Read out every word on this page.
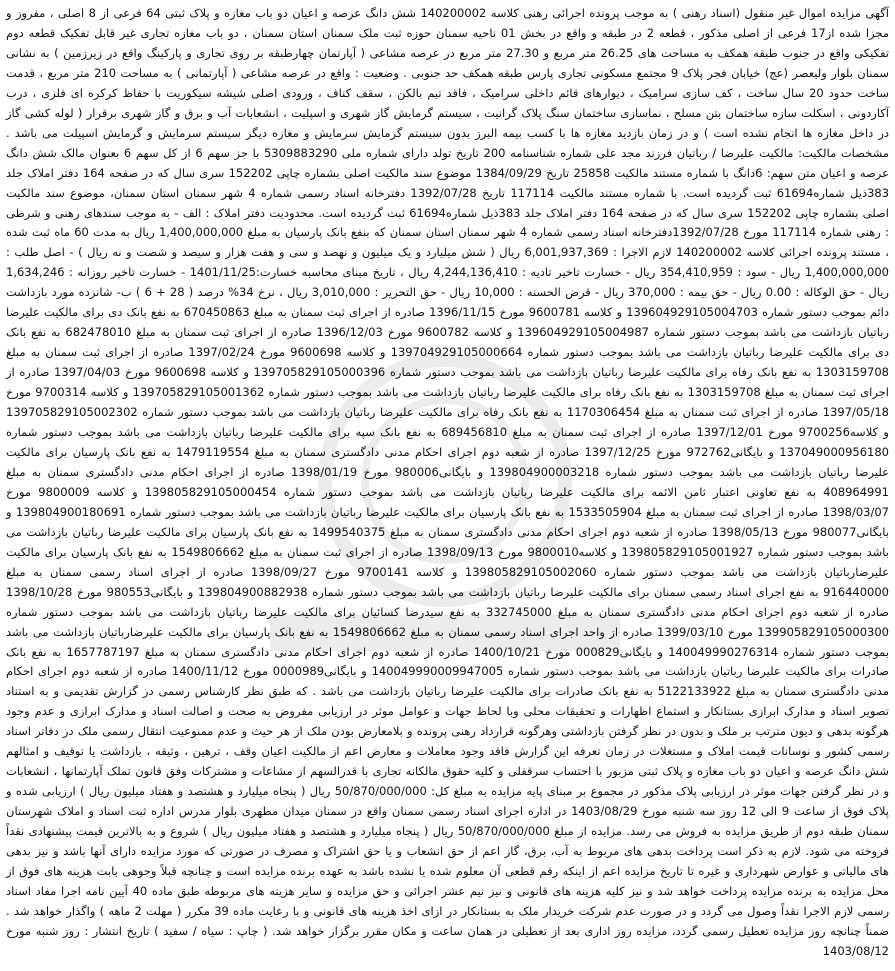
آگهی مزایده اموال غیر منقول (اسناد رهنی ) به موجب پرونده اجرائی رهنی کلاسه 140200002 شش دانگ عرصه و اعیان دو باب مغازه و پلاک ثبتی 64 فرعی از 8 اصلی ، مفروز و مجزا شده از17 فرعی از اصلی مذکور ، قطعه 2 در طبقه و واقع در بخش 01 ناحیه سمنان حوزه ثبت ملک سمنان استان سمنان ، دو باب مغازه تجاری غیر قابل تفکیک قطعه دوم تفکیکی واقع در جنوب طبقه همکف به مساحت های 26.25 متر مربع و 27.30 متر مربع در عرصه مشاعی ( آپارتمان چهارطبقه بر روی تجاری و پارکینگ واقع در زیرزمین ) به نشانی سمنان بلوار ولیعصر (عج) خیابان فجر پلاک 9 مجتمع مسکونی تجاری پارس طبقه همکف حد جنوبی . وضعیت : واقع در عرصه مشاعی ( آپارتمانی ) به مساحت 210 متر مربع ، قدمت ساخت حدود 20 سال ساخت ، کف سازی سرامیک ، دیوارهای قائم داخلی سرامیک ، فاقد تیم بالکن ، سقف کناف ، ورودی اصلی شیشه سیکوریت با حفاظ کرکره ای فلزی ، درب آکاردونی ، اسکلت سازه ساختمان بتن مسلح ، نماسازی ساختمان سنگ پلاک گرانیت ، سیستم گرمایش گاز شهری و اسپلیت ، انشعابات آب و برق و گاز شهری برقرار ( لوله کشی گاز در داخل مغازه ها انجام نشده است ) و در زمان بازدید مغازه ها با کسب بیمه البرز بدون سیستم گرمایش سرمایش و مغازه دیگر سیستم سرمایش و گرمایش اسپیلت می باشد . مشخصات مالکیت: مالکیت علیرضا / رباتیان فرزند مجد علی شماره شناسنامه 200 تاریخ تولد دارای شماره ملی 5309883290 با جز سهم 6 از کل سهم 6 بعنوان مالک شش دانگ عرصه و اعیان متن سهم: 6دانگ با شماره مستند مالکیت 25858 تاریخ 1384/09/29 موضوع سند مالکیت اصلی بشماره چاپی 152202 سری سال که در صفحه 164 دفتر املاک جلد 383ذیل شماره61694 ثبت گردیده است. با شماره مستند مالکیت 117114 تاریخ 1392/07/28 دفترخانه اسناد رسمی شماره 4 شهر سمنان استان سمنان، موضوع سند مالکیت اصلی بشماره چاپی 152202 سری سال که در صفحه 164 دفتر املاک جلد 383ذیل شماره61694 ثبت گردیده است. محدودیت دفتر املاک : الف - به موجب سندهای رهنی و شرطی : رهنی شماره 117114 مورخ 1392/07/28دفترخانه اسناد رسمی شماره 4 شهر سمنان استان سمنان که بنفع بانک پارسیان به مبلغ 1,400,000,000 ریال به مدت 60 ماه ثبت شده ، مستند پرونده اجرائی کلاسه 140200002 لازم الاجرا : 6,001,937,369 ریال ( شش میلیارد و یک میلیون و نهصد و سی و هفت هزار و سیصد و شصت و نه ریال ) - اصل طلب : 1,400,000,000 ریال - سود : 354,410,959 ریال - خسارت تاخیر تادیه : 4,244,136,410 ریال ، تاریخ مبنای محاسبه خسارت:1401/11/25 - خسارت تاخیر روزانه : 1,634,246 ریال - حق الوکاله : 0.00 ریال - حق بیمه : 370,000 ریال - قرض الحسنه : 10,000 ریال - حق التحریر : 3,010,000 ریال ، نرخ 34% درصد ( 28 + 6 ) ب- شانزده مورد بازداشت دائم بموجب دستور شماره 139604929105004703 و کلاسه 9600781 مورخ 1396/11/15 صادره از اجرای ثبت سمنان به مبلغ 670450863 به نفع بانک دی برای مالکیت علیرضا رباتیان بازداشت می باشد بموجب دستور شماره 139604929105004987 و کلاسه 9600782 مورخ 1396/12/03 صادره از اجرای ثبت سمنان به مبلغ 682478010 به نفع بانک دی برای مالکیت علیرضا رباتیان بازداشت می باشد بموجب دستور شماره 139704929105000664 و کلاسه 9600698 مورخ 1397/02/24 صادره از اجرای ثبت سمنان به مبلغ 1303159708 به نفع بانک رفاه برای مالکیت علیرضا رباتیان بازداشت می باشد بموجب دستور شماره 139705829105000396 و کلاسه 9600698 مورخ 1397/04/03 صادره از اجرای ثبت سمنان به مبلغ 1303159708 به نفع بانک رفاه برای مالکیت علیرضا رباتیان بازداشت می باشد بموجب دستور شماره 139705829105001362 و کلاسه 9700314 مورخ 1397/05/18 صادره از اجرای ثبت سمنان به مبلغ 1170306454 به نفع بانک رفاه برای مالکیت علیرضا رباتیان بازداشت می باشد بموجب دستور شماره 139705829105002302 و کلاسه9700256 مورخ 1397/12/01 صادره از اجرای ثبت سمنان به مبلغ 689456810 به نفع بانک سپه برای مالکیت علیرضا رباتیان بازداشت می باشد بموجب دستور شماره 137049000956180 و بایگانی972762 مورخ 1397/12/25 صادره از شعبه دوم اجرای احکام مدنی دادگستری سمنان به مبلغ 1479119554 به نفع بانک پارسیان برای مالکیت علیرضا رباتیان بازداشت می باشد بموجب دستور شماره 139804900003218 و بایگانی980006 مورخ 1398/01/19 صادره از اجرای احکام مدنی دادگستری سمنان به مبلغ 408964991 به نفع تعاونی اعتبار ثامن الائمه برای مالکیت علیرضا رباتیان بازداشت می باشد بموجب دستور شماره 139805829105000454 و کلاسه 9800009 مورخ 1398/03/07 صادره از اجرای ثبت سمنان به مبلغ 1533505904 به نفع بانک پارسیان برای مالکیت علیرضا رباتیان بازداشت می باشد بموجب دستور شماره 139804900180691 و بایگانی980077 مورخ 1398/05/13 صادره از شعبه دوم اجرای احکام مدنی دادگستری سمنان به مبلغ 1499540375 به نفع بانک پارسیان برای مالکیت علیرضا رباتیان بازداشت می باشد بموجب دستور شماره 139805829105001927 و کلاسه9800010 مورخ 1398/09/13 صادره از اجرای ثبت سمنان به مبلغ 1549806662 به نفع بانک پارسیان برای مالکیت علیرضارباتیان بازداشت می باشد بموجب دستور شماره 139805829105002060 و کلاسه 9700141 مورخ 1398/09/27 صادره از اجرای اسناد رسمی سمنان به مبلغ 916440000 به نفع اجرای اسناد رسمی سمنان برای مالکیت علیرضا رباتیان بازداشت می باشد بموجب دستور شماره 139804900882938 و بایگانی980553 مورخ 1398/10/28 صادره از شعبه دوم اجرای احکام مدنی دادگستری سمنان به مبلغ 332745000 به نفع سیدرضا کسائیان برای مالکیت علیرضا رباتیان بازداشت می باشد بموجب دستور شماره 139905829105000300 مورخ 1399/03/10 صادره از واحد اجرای اسناد رسمی سمنان به مبلغ 1549806662 به نفع بانک پارسیان برای مالکیت علیرضارباتیان بازداشت می باشد بموجب دستور شماره 140049990276314 و بایگانی000829 مورخ 1400/10/21 صادره از شعبه دوم اجرای احکام مدنی دادگستری سمنان به مبلغ 1657787197 به نفع بانک صادرات برای مالکیت علیرضا رباتیان بازداشت می باشد بموجب دستور شماره 140049990009947005 و بایگانی0000989 مورخ 1400/11/12 صادره از شعبه دوم اجرای احکام مدنی دادگستری سمنان به مبلغ 5122133922 به نفع بانک صادرات برای مالکیت علیرضا رباتیان بازداشت می باشد . که طبق نظر کارشناس رسمی در گزارش تقدیمی و به استناد تصویر اسناد و مدارک ابرازی بستانکار و استماع اظهارات و تحقیقات محلی وبا لحاظ جهات و عوامل موثر در ارزیابی مفروض به صحت و اصالت اسناد و مدارک ابرازی و عدم وجود هرگونه بدهی و دیون مترتب بر ملک و بدون در نظر گرفتن بازداشتی وهرگونه قرارداد رهنی پرونده و بلامعارض بودن ملک از هر حیث و عدم ممنوعیت انتقال رسمی ملک در دفاتر اسناد رسمی کشور و نوسانات قیمت املاک و مستغلات در زمان تعرفه این گزارش فاقد وجود معاملات و معارض اعم از مالکیت اعیان وقف ، ترهین ، وثیقه ، بازداشت یا توقیف و امثالهم شش دانگ عرصه و اعیان دو باب مغازه و پلاک ثبتی مزبور با احتساب سرقفلی و کلیه حقوق مالکانه تجاری با قدرالسهم از مشاعات و مشترکات وفق قانون تملک آپارتمانها ، انشعابات و در نظر گرفتن جهات موثر در ارزیابی پلاک مذکور در مجموع بر مبنای پایه مزایده به مبلغ کل: 50/870/000/000 ریال ( پنجاه میلیارد و هشتصد و هفتاد میلیون ریال ) ارزیابی شده و پلاک فوق از ساعت 9 الی 12 روز سه شنبه مورخ 1403/08/29 در اداره اجرای اسناد رسمی سمنان واقع در سمنان میدان مطهری بلوار مدرس اداره ثبت اسناد و املاک شهرستان سمنان طبقه دوم از طریق مزایده به فروش می رسد. مزایده از مبلغ 50/870/000/000 ریال ( پنجاه میلیارد و هشتصد و هفتاد میلیون ریال ) شروع و به بالاترین قیمت پیشنهادی نقداً فروخته می شود. لازم به ذکر است پرداخت بدهی های مربوط به آب، برق، گاز اعم از حق انشعاب و یا حق اشتراک و مصرف در صورتی که مورد مزایده دارای آنها باشد و نیز بدهی های مالیاتی و عوارض شهرداری و غیره تا تاریخ مزایده اعم از اینکه رقم قطعی آن معلوم شده یا نشده باشد به عهده برنده مزایده است و چنانچه قبلاً وجوهی بابت هزینه های فوق از محل مزایده به برنده مزایده پرداخت خواهد شد و نیز کلیه هزینه های قانونی و نیز نیم عشر اجرائی و حق مزایده و سایر هزینه های مربوطه طبق ماده 40 آیین نامه اجرا مفاد اسناد رسمی لازم الاجرا نقداً وصول می گردد و در صورت عدم شرکت خریدار ملک به بستانکار در ازای اخذ هزینه های قانونی و با رعایت ماده 39 مکرر ( مهلت 2 ماهه ) واگذار خواهد شد . ضمناً چنانچه روز مزایده تعطیل رسمی گردد، مزایده روز اداری بعد از تعطیلی در همان ساعت و مکان مقرر برگزار خواهد شد. ( چاپ : سیاه / سفید ) تاریخ انتشار : روز شنبه مورخ 1403/08/12
